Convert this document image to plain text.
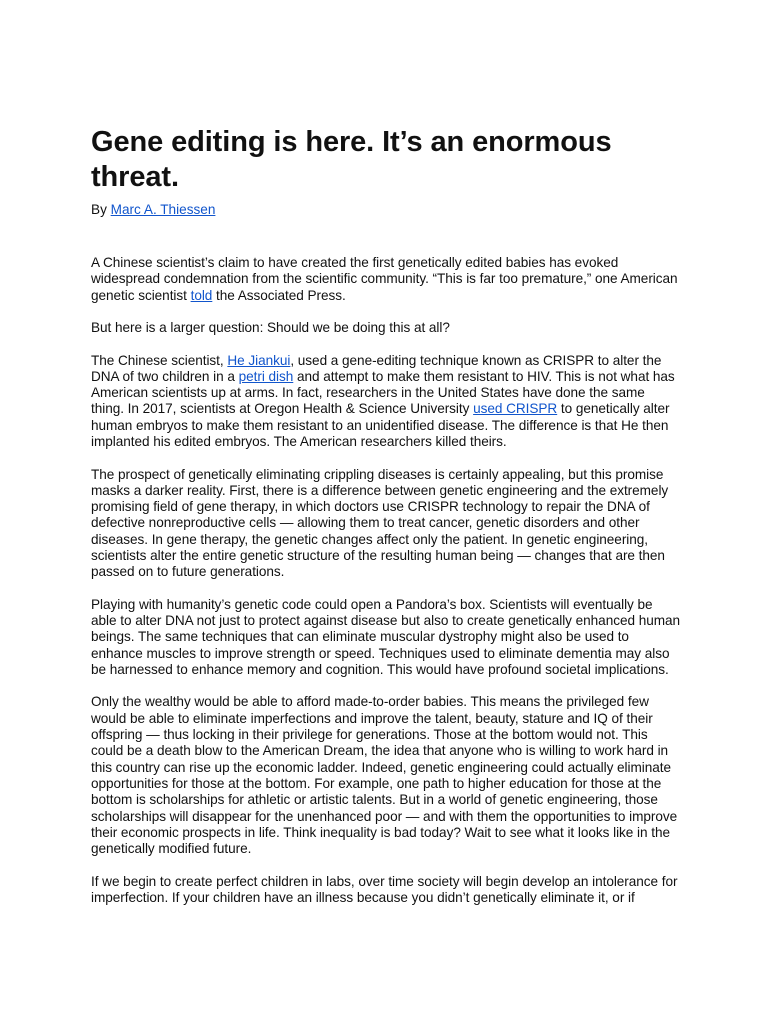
Gene editing is here. It’s an enormous threat.
By Marc A. Thiessen

A Chinese scientist’s claim to have created the first genetically edited babies has evoked widespread condemnation from the scientific community. “This is far too premature,” one American genetic scientist told the Associated Press.

But here is a larger question: Should we be doing this at all?

The Chinese scientist, He Jiankui, used a gene-editing technique known as CRISPR to alter the DNA of two children in a petri dish and attempt to make them resistant to HIV. This is not what has American scientists up at arms. In fact, researchers in the United States have done the same thing. In 2017, scientists at Oregon Health & Science University used CRISPR to genetically alter human embryos to make them resistant to an unidentified disease. The difference is that He then implanted his edited embryos. The American researchers killed theirs.

The prospect of genetically eliminating crippling diseases is certainly appealing, but this promise masks a darker reality. First, there is a difference between genetic engineering and the extremely promising field of gene therapy, in which doctors use CRISPR technology to repair the DNA of defective nonreproductive cells — allowing them to treat cancer, genetic disorders and other diseases. In gene therapy, the genetic changes affect only the patient. In genetic engineering, scientists alter the entire genetic structure of the resulting human being — changes that are then passed on to future generations.

Playing with humanity’s genetic code could open a Pandora’s box. Scientists will eventually be able to alter DNA not just to protect against disease but also to create genetically enhanced human beings. The same techniques that can eliminate muscular dystrophy might also be used to enhance muscles to improve strength or speed. Techniques used to eliminate dementia may also be harnessed to enhance memory and cognition. This would have profound societal implications.

Only the wealthy would be able to afford made-to-order babies. This means the privileged few would be able to eliminate imperfections and improve the talent, beauty, stature and IQ of their offspring — thus locking in their privilege for generations. Those at the bottom would not. This could be a death blow to the American Dream, the idea that anyone who is willing to work hard in this country can rise up the economic ladder. Indeed, genetic engineering could actually eliminate opportunities for those at the bottom. For example, one path to higher education for those at the bottom is scholarships for athletic or artistic talents. But in a world of genetic engineering, those scholarships will disappear for the unenhanced poor — and with them the opportunities to improve their economic prospects in life. Think inequality is bad today? Wait to see what it looks like in the genetically modified future.

If we begin to create perfect children in labs, over time society will begin develop an intolerance for imperfection. If your children have an illness because you didn’t genetically eliminate it, or if
